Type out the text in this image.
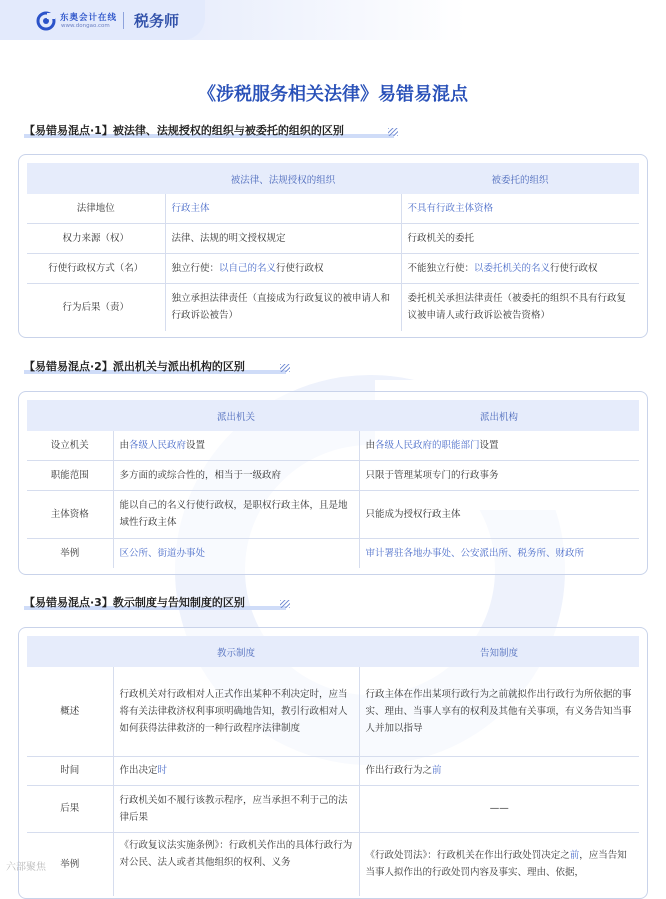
东奥会计在线
www.dongao.com 税务师
《涉税服务相关法律》易错易混点
【易错易混点·1】被法律、法规授权的组织与被委托的组织的区别
	被法律、法规授权的组织	被委托的组织
法律地位	行政主体	不具有行政主体资格
权力来源（权）	法律、法规的明文授权规定	行政机关的委托
行使行政权方式（名）	独立行使：以自己的名义行使行政权	不能独立行使：以委托机关的名义行使行政权
行为后果（责）	独立承担法律责任（直接成为行政复议的被申请人和行政诉讼被告）	委托机关承担法律责任（被委托的组织不具有行政复议被申请人或行政诉讼被告资格）
【易错易混点·2】派出机关与派出机构的区别
	派出机关	派出机构
设立机关	由各级人民政府设置	由各级人民政府的职能部门设置
职能范围	多方面的或综合性的，相当于一级政府	只限于管理某项专门的行政事务
主体资格	能以自己的名义行使行政权，是职权行政主体，且是地域性行政主体	只能成为授权行政主体
举例	区公所、街道办事处	审计署驻各地办事处、公安派出所、税务所、财政所
【易错易混点·3】教示制度与告知制度的区别
	教示制度	告知制度
概述	行政机关对行政相对人正式作出某种不利决定时，应当将有关法律救济权利事项明确地告知，教引行政相对人如何获得法律救济的一种行政程序法律制度	行政主体在作出某项行政行为之前就拟作出行政行为所依据的事实、理由、当事人享有的权利及其他有关事项，有义务告知当事人并加以指导
时间	作出决定时	作出行政行为之前
后果	行政机关如不履行该教示程序，应当承担不利于己的法律后果	——
举例	《行政复议法实施条例》：行政机关作出的具体行政行为对公民、法人或者其他组织的权利、义务	《行政处罚法》：行政机关在作出行政处罚决定之前，应当告知当事人拟作出的行政处罚内容及事实、理由、依据，
六部聚焦
